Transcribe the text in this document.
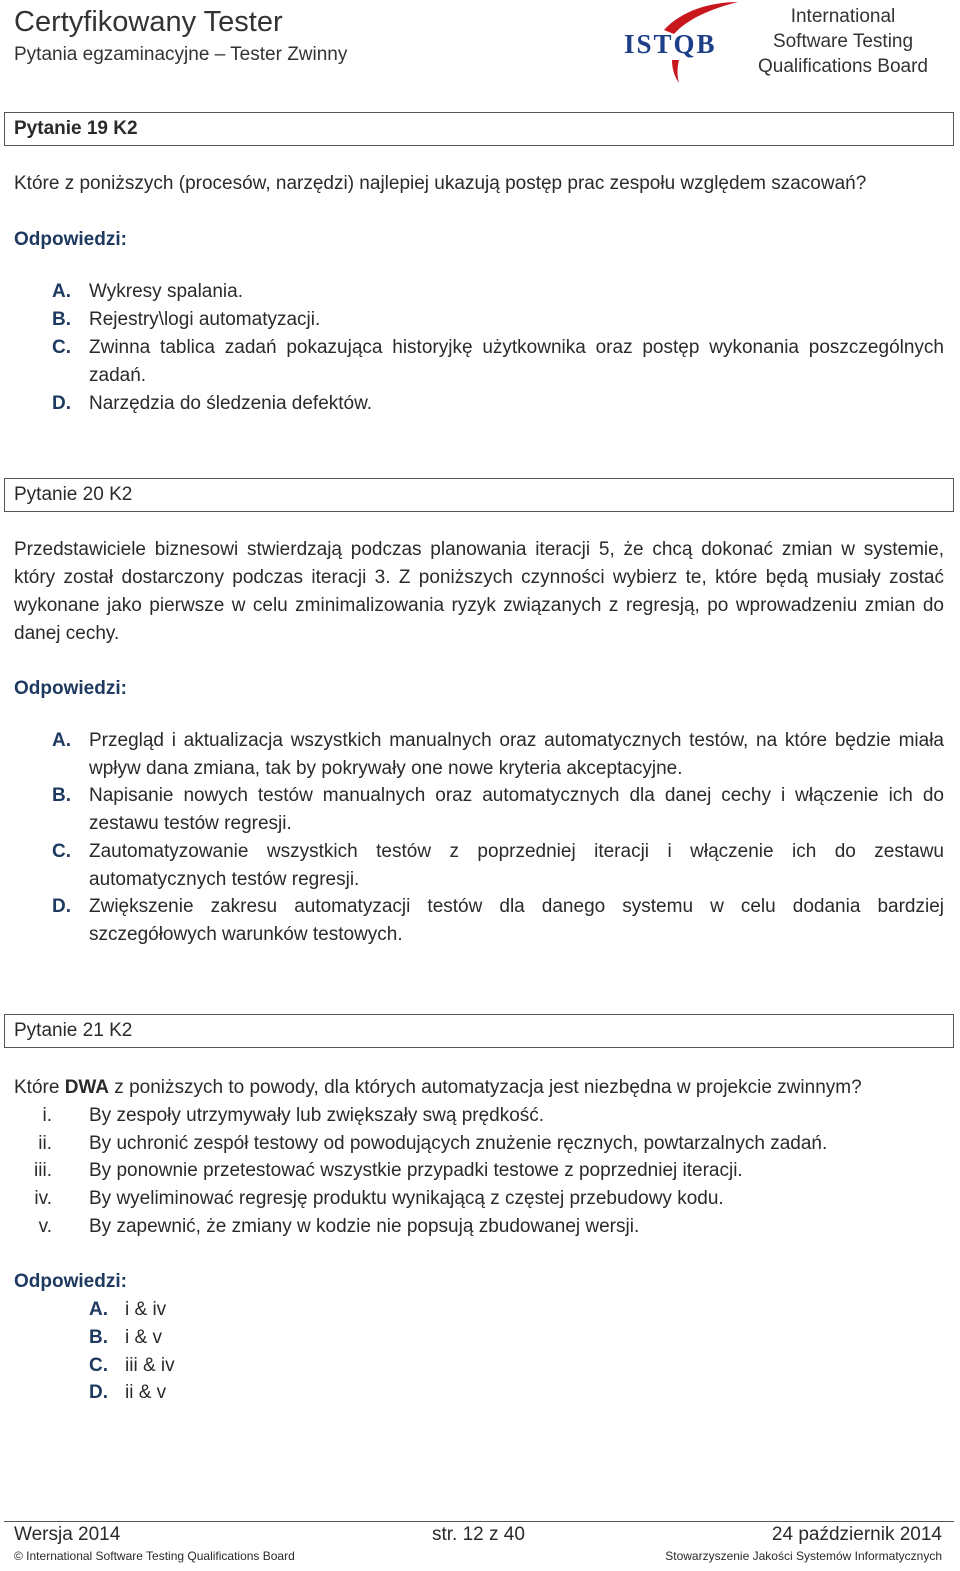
Certyfikowany Tester
Pytania egzaminacyjne – Tester Zwinny	ISTQB
International
Software Testing
Qualifications Board
Pytanie 19 K2
Które z poniższych (procesów, narzędzi) najlepiej ukazują postęp prac zespołu względem szacowań?
Odpowiedzi:
A. Wykresy spalania.
B. Rejestry\logi automatyzacji.
C. Zwinna tablica zadań pokazująca historyjkę użytkownika oraz postęp wykonania poszczególnych zadań.
D. Narzędzia do śledzenia defektów.
Pytanie 20 K2
Przedstawiciele biznesowi stwierdzają podczas planowania iteracji 5, że chcą dokonać zmian w systemie, który został dostarczony podczas iteracji 3. Z poniższych czynności wybierz te, które będą musiały zostać wykonane jako pierwsze w celu zminimalizowania ryzyk związanych z regresją, po wprowadzeniu zmian do danej cechy.
Odpowiedzi:
A. Przegląd i aktualizacja wszystkich manualnych oraz automatycznych testów, na które będzie miała wpływ dana zmiana, tak by pokrywały one nowe kryteria akceptacyjne.
B. Napisanie nowych testów manualnych oraz automatycznych dla danej cechy i włączenie ich do zestawu testów regresji.
C. Zautomatyzowanie wszystkich testów z poprzedniej iteracji i włączenie ich do zestawu automatycznych testów regresji.
D. Zwiększenie zakresu automatyzacji testów dla danego systemu w celu dodania bardziej szczegółowych warunków testowych.
Pytanie 21 K2
Które DWA z poniższych to powody, dla których automatyzacja jest niezbędna w projekcie zwinnym?
i. By zespoły utrzymywały lub zwiększały swą prędkość.
ii. By uchronić zespół testowy od powodujących znużenie ręcznych, powtarzalnych zadań.
iii. By ponownie przetestować wszystkie przypadki testowe z poprzedniej iteracji.
iv. By wyeliminować regresję produktu wynikającą z częstej przebudowy kodu.
v. By zapewnić, że zmiany w kodzie nie popsują zbudowanej wersji.
Odpowiedzi:
A. i & iv
B. i & v
C. iii & iv
D. ii & v
Wersja 2014	str. 12 z 40	24 październik 2014
© International Software Testing Qualifications Board	Stowarzyszenie Jakości Systemów Informatycznych
